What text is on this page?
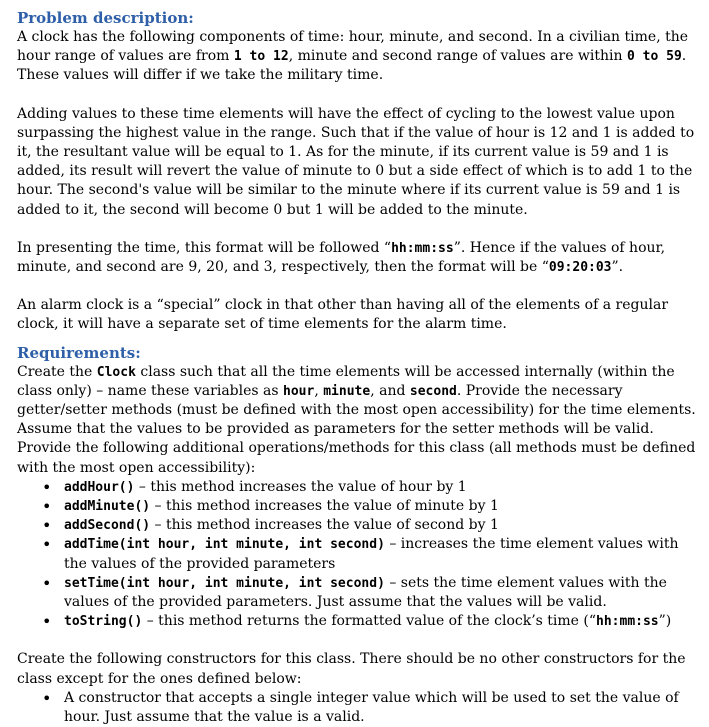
Problem description:

A clock has the following components of time: hour, minute, and second. In a civilian time, the hour range of values are from 1 to 12, minute and second range of values are within 0 to 59. These values will differ if we take the military time.

Adding values to these time elements will have the effect of cycling to the lowest value upon surpassing the highest value in the range. Such that if the value of hour is 12 and 1 is added to it, the resultant value will be equal to 1. As for the minute, if its current value is 59 and 1 is added, its result will revert the value of minute to 0 but a side effect of which is to add 1 to the hour. The second's value will be similar to the minute where if its current value is 59 and 1 is added to it, the second will become 0 but 1 will be added to the minute.

In presenting the time, this format will be followed “hh:mm:ss”. Hence if the values of hour, minute, and second are 9, 20, and 3, respectively, then the format will be “09:20:03”.

An alarm clock is a “special” clock in that other than having all of the elements of a regular clock, it will have a separate set of time elements for the alarm time.

Requirements:

Create the Clock class such that all the time elements will be accessed internally (within the class only) – name these variables as hour, minute, and second. Provide the necessary getter/setter methods (must be defined with the most open accessibility) for the time elements. Assume that the values to be provided as parameters for the setter methods will be valid. Provide the following additional operations/methods for this class (all methods must be defined with the most open accessibility):

• addHour() – this method increases the value of hour by 1
• addMinute() – this method increases the value of minute by 1
• addSecond() – this method increases the value of second by 1
• addTime(int hour, int minute, int second) – increases the time element values with the values of the provided parameters
• setTime(int hour, int minute, int second) – sets the time element values with the values of the provided parameters. Just assume that the values will be valid.
• toString() – this method returns the formatted value of the clock’s time (“hh:mm:ss”)

Create the following constructors for this class. There should be no other constructors for the class except for the ones defined below:

• A constructor that accepts a single integer value which will be used to set the value of hour. Just assume that the value is a valid.
